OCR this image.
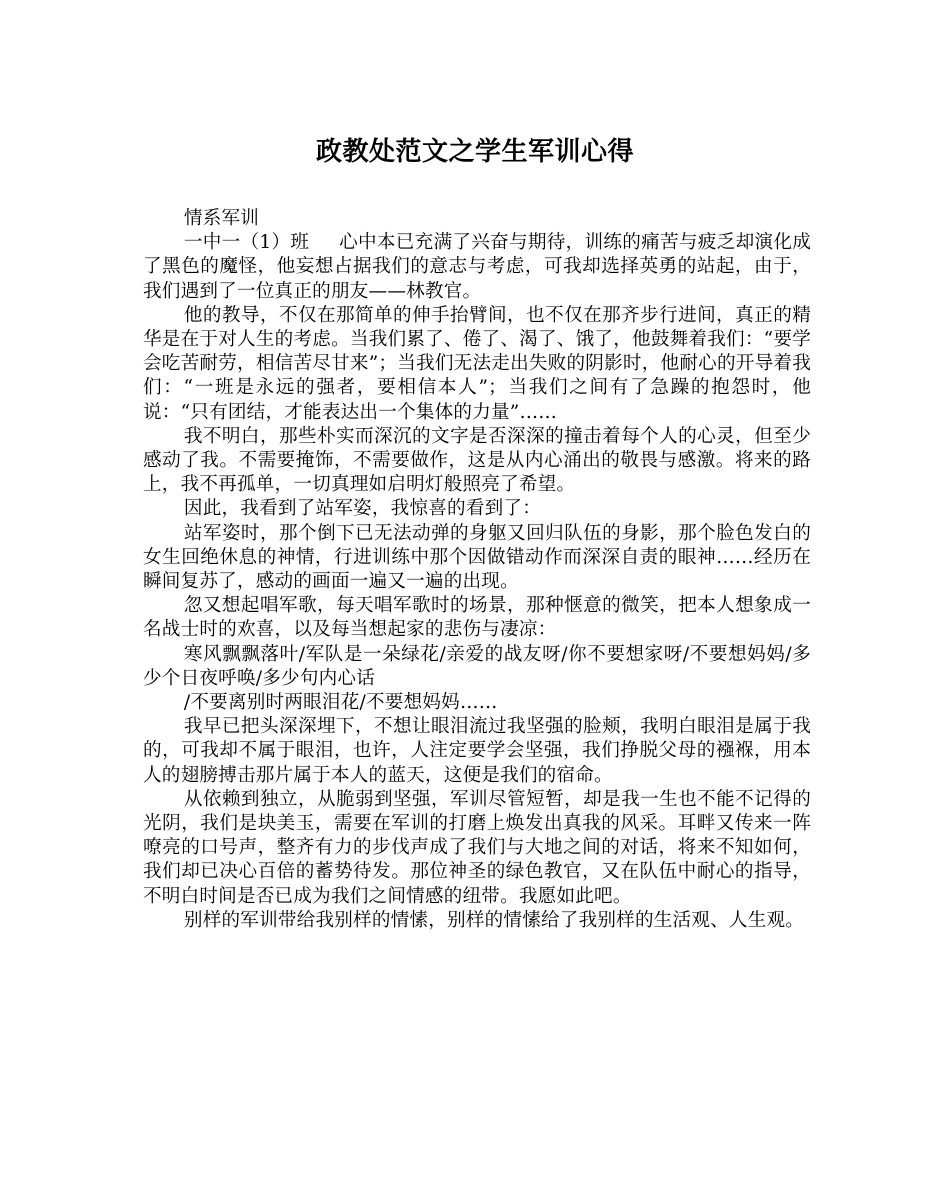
政教处范文之学生军训心得

情系军训

一中一（1）班 心中本已充满了兴奋与期待，训练的痛苦与疲乏却演化成了黑色的魔怪，他妄想占据我们的意志与考虑，可我却选择英勇的站起，由于，我们遇到了一位真正的朋友——林教官。

他的教导，不仅在那简单的伸手抬臂间，也不仅在那齐步行进间，真正的精华是在于对人生的考虑。当我们累了、倦了、渴了、饿了，他鼓舞着我们：“要学会吃苦耐劳，相信苦尽甘来”；当我们无法走出失败的阴影时，他耐心的开导着我们：“一班是永远的强者，要相信本人”；当我们之间有了急躁的抱怨时，他说：“只有团结，才能表达出一个集体的力量”……

我不明白，那些朴实而深沉的文字是否深深的撞击着每个人的心灵，但至少感动了我。不需要掩饰，不需要做作，这是从内心涌出的敬畏与感激。将来的路上，我不再孤单，一切真理如启明灯般照亮了希望。

因此，我看到了站军姿，我惊喜的看到了：

站军姿时，那个倒下已无法动弹的身躯又回归队伍的身影，那个脸色发白的女生回绝休息的神情，行进训练中那个因做错动作而深深自责的眼神……经历在瞬间复苏了，感动的画面一遍又一遍的出现。

忽又想起唱军歌，每天唱军歌时的场景，那种惬意的微笑，把本人想象成一名战士时的欢喜，以及每当想起家的悲伤与凄凉：

寒风飘飘落叶/军队是一朵绿花/亲爱的战友呀/你不要想家呀/不要想妈妈/多少个日夜呼唤/多少句内心话

/不要离别时两眼泪花/不要想妈妈……

我早已把头深深埋下，不想让眼泪流过我坚强的脸颊，我明白眼泪是属于我的，可我却不属于眼泪，也许，人注定要学会坚强，我们挣脱父母的襁褓，用本人的翅膀搏击那片属于本人的蓝天，这便是我们的宿命。

从依赖到独立，从脆弱到坚强，军训尽管短暂，却是我一生也不能不记得的光阴，我们是块美玉，需要在军训的打磨上焕发出真我的风采。耳畔又传来一阵嘹亮的口号声，整齐有力的步伐声成了我们与大地之间的对话，将来不知如何，我们却已决心百倍的蓄势待发。那位神圣的绿色教官，又在队伍中耐心的指导，不明白时间是否已成为我们之间情感的纽带。我愿如此吧。

别样的军训带给我别样的情愫，别样的情愫给了我别样的生活观、人生观。
